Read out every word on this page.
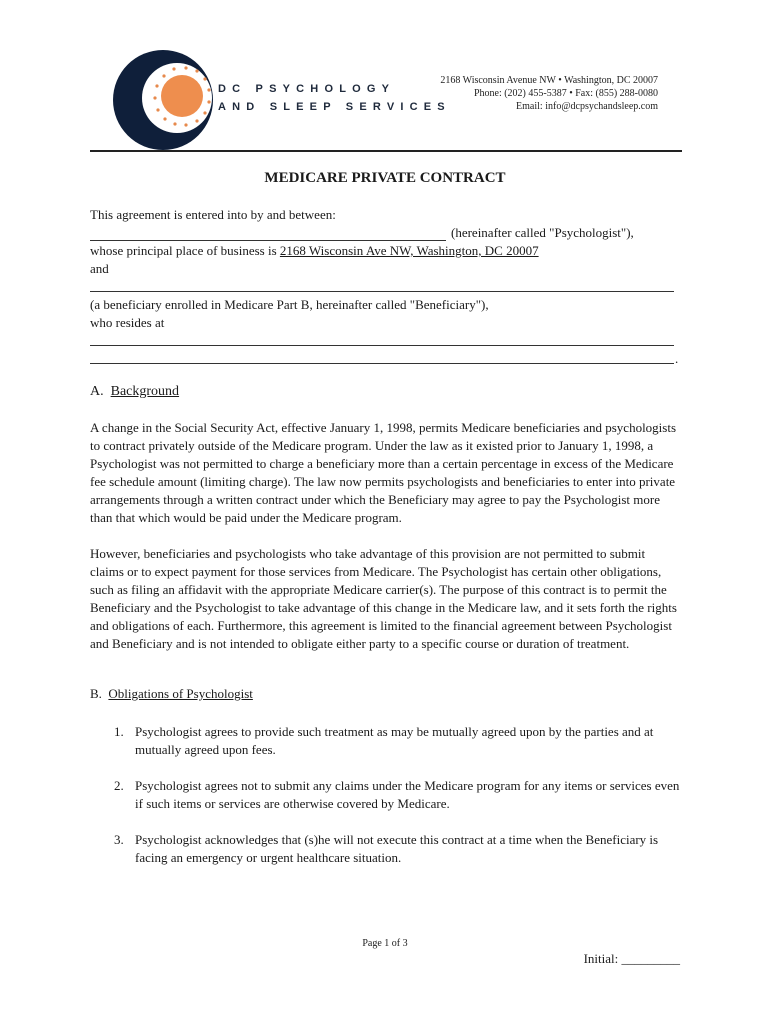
DC PSYCHOLOGY
AND SLEEP SERVICES
2168 Wisconsin Avenue NW • Washington, DC 20007
Phone: (202) 455-5387 • Fax: (855) 288-0080
Email: info@dcpsychandsleep.com
MEDICARE PRIVATE CONTRACT
This agreement is entered into by and between:
(hereinafter called "Psychologist"),
whose principal place of business is 2168 Wisconsin Ave NW, Washington, DC 20007
and
(a beneficiary enrolled in Medicare Part B, hereinafter called "Beneficiary"),
who resides at
.
A. Background
A change in the Social Security Act, effective January 1, 1998, permits Medicare beneficiaries and psychologists to contract privately outside of the Medicare program. Under the law as it existed prior to January 1, 1998, a Psychologist was not permitted to charge a beneficiary more than a certain percentage in excess of the Medicare fee schedule amount (limiting charge). The law now permits psychologists and beneficiaries to enter into private arrangements through a written contract under which the Beneficiary may agree to pay the Psychologist more than that which would be paid under the Medicare program.
However, beneficiaries and psychologists who take advantage of this provision are not permitted to submit claims or to expect payment for those services from Medicare. The Psychologist has certain other obligations, such as filing an affidavit with the appropriate Medicare carrier(s). The purpose of this contract is to permit the Beneficiary and the Psychologist to take advantage of this change in the Medicare law, and it sets forth the rights and obligations of each. Furthermore, this agreement is limited to the financial agreement between Psychologist and Beneficiary and is not intended to obligate either party to a specific course or duration of treatment.
B. Obligations of Psychologist
1. Psychologist agrees to provide such treatment as may be mutually agreed upon by the parties and at mutually agreed upon fees.
2. Psychologist agrees not to submit any claims under the Medicare program for any items or services even if such items or services are otherwise covered by Medicare.
3. Psychologist acknowledges that (s)he will not execute this contract at a time when the Beneficiary is facing an emergency or urgent healthcare situation.
Page 1 of 3
Initial: _________
